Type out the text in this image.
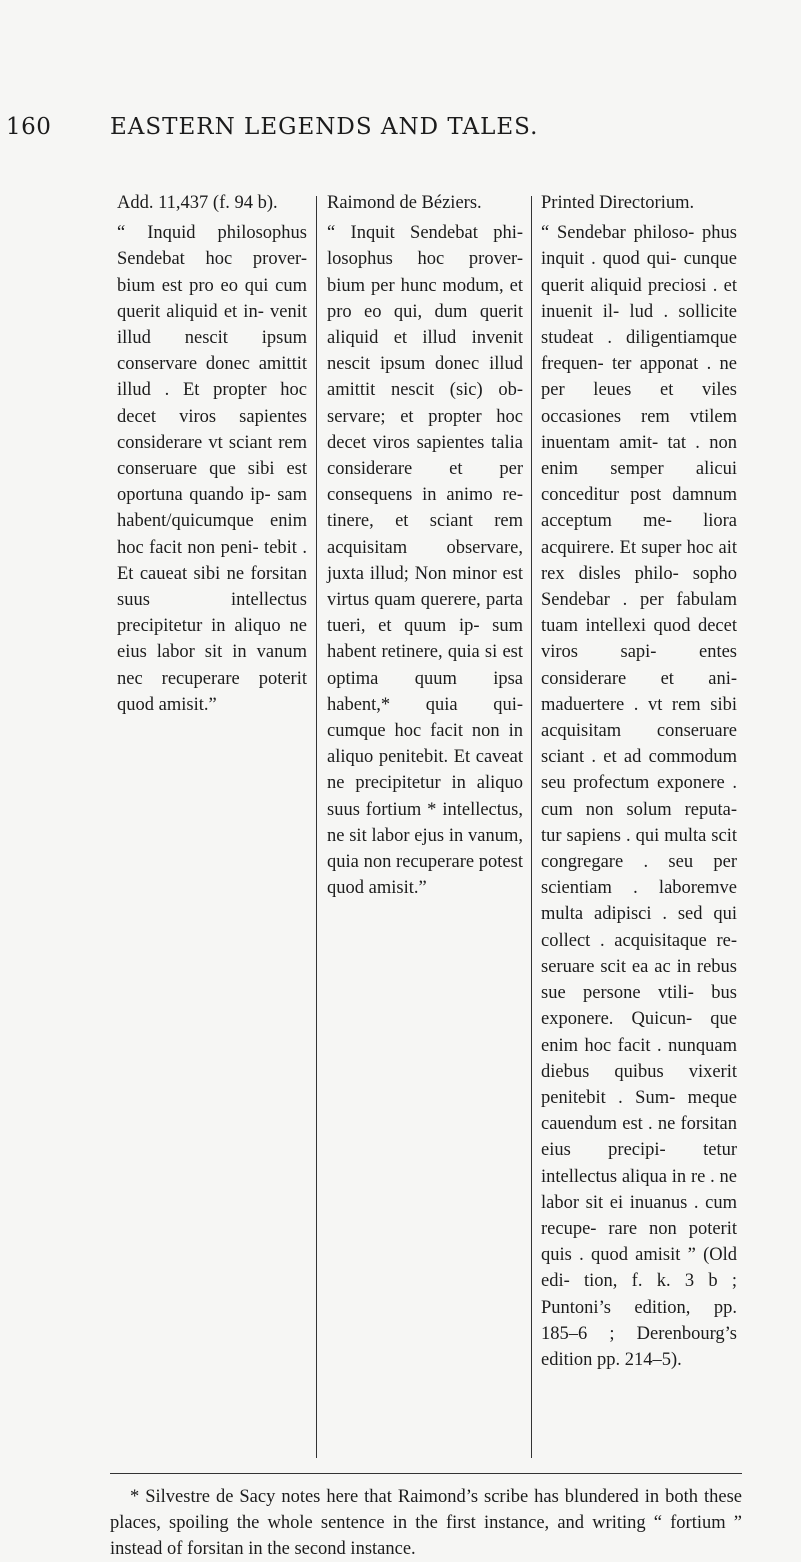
160	EASTERN LEGENDS AND TALES.
Add. 11,437 (f. 94 b).
“ Inquid philosophus Sendebat hoc prover- bium est pro eo qui cum querit aliquid et in- venit illud nescit ipsum conservare donec amittit illud . Et propter hoc decet viros sapientes considerare vt sciant rem conseruare que sibi est oportuna quando ip- sam habent/quicumque enim hoc facit non peni- tebit . Et caueat sibi ne forsitan suus intellectus precipitetur in aliquo ne eius labor sit in vanum nec recuperare poterit quod amisit.”
Raimond de Béziers.
“ Inquit Sendebat phi- losophus hoc prover- bium per hunc modum, et pro eo qui, dum querit aliquid et illud invenit nescit ipsum donec illud amittit nescit (sic) ob- servare; et propter hoc decet viros sapientes talia considerare et per consequens in animo re- tinere, et sciant rem acquisitam observare, juxta illud; Non minor est virtus quam querere, parta tueri, et quum ip- sum habent retinere, quia si est optima quum ipsa habent,* quia qui- cumque hoc facit non in aliquo penitebit. Et caveat ne precipitetur in aliquo suus fortium * intellectus, ne sit labor ejus in vanum, quia non recuperare potest quod amisit.”
Printed Directorium.
“ Sendebar philoso- phus inquit . quod qui- cunque querit aliquid preciosi . et inuenit il- lud . sollicite studeat . diligentiamque frequen- ter apponat . ne per leues et viles occasiones rem vtilem inuentam amit- tat . non enim semper alicui conceditur post damnum acceptum me- liora acquirere. Et super hoc ait rex disles philo- sopho Sendebar . per fabulam tuam intellexi quod decet viros sapi- entes considerare et ani- maduertere . vt rem sibi acquisitam conseruare sciant . et ad commodum seu profectum exponere . cum non solum reputa- tur sapiens . qui multa scit congregare . seu per scientiam . laboremve multa adipisci . sed qui collect . acquisitaque re- seruare scit ea ac in rebus sue persone vtili- bus exponere. Quicun- que enim hoc facit . nunquam diebus quibus vixerit penitebit . Sum- meque cauendum est . ne forsitan eius precipi- tetur intellectus aliqua in re . ne labor sit ei inuanus . cum recupe- rare non poterit quis . quod amisit ” (Old edi- tion, f. k. 3 b ; Puntoni’s edition, pp. 185–6 ; Derenbourg’s edition pp. 214–5).
* Silvestre de Sacy notes here that Raimond’s scribe has blundered in both these places, spoiling the whole sentence in the first instance, and writing “ fortium ” instead of forsitan in the second instance.
